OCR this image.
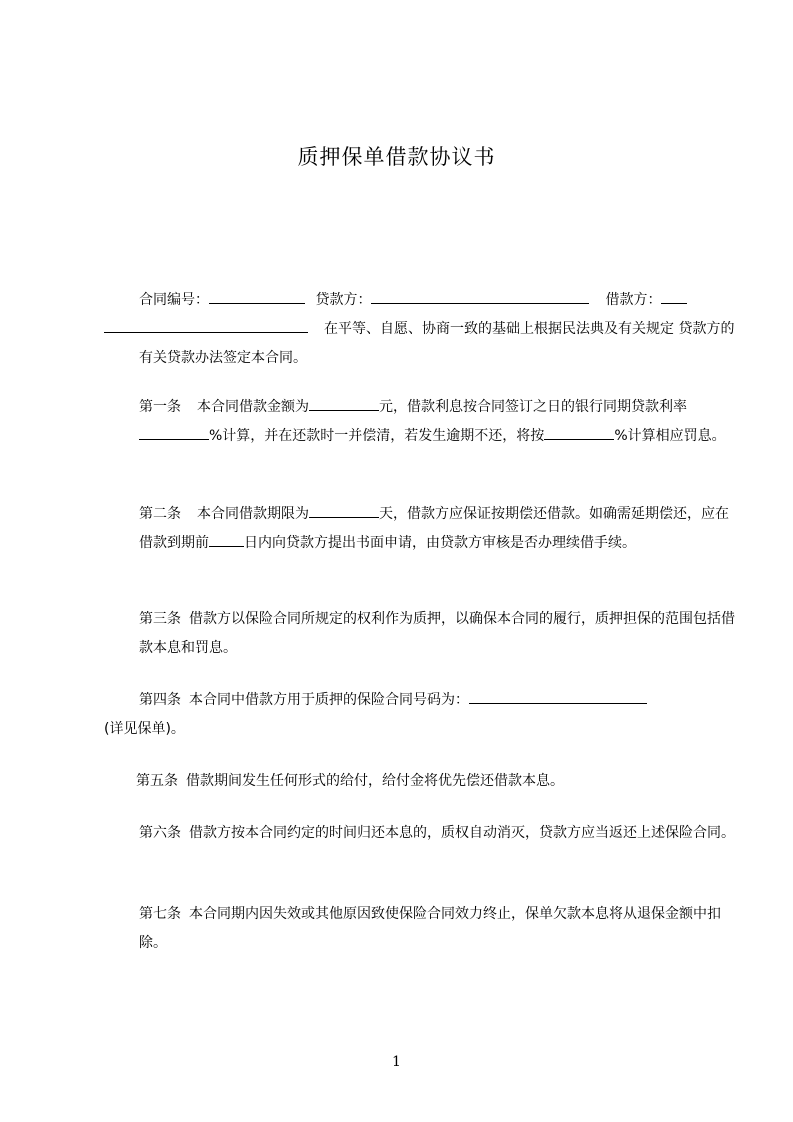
质押保单借款协议书
合同编号：	贷款方：	借款方：
在平等、自愿、协商一致的基础上根据民法典及有关规定 贷款方的有关贷款办法签定本合同。
第一条 本合同借款金额为	元，借款利息按合同签订之日的银行同期贷款利率%计算，并在还款时一并偿清，若发生逾期不还，将按	%计算相应罚息。
第二条 本合同借款期限为	天，借款方应保证按期偿还借款。如确需延期偿还，应在借款到期前	日内向贷款方提出书面申请，由贷款方审核是否办理续借手续。
第三条 借款方以保险合同所规定的权利作为质押，以确保本合同的履行，质押担保的范围包括借款本息和罚息。
第四条 本合同中借款方用于质押的保险合同号码为：
(详见保单)。
第五条 借款期间发生任何形式的给付，给付金将优先偿还借款本息。
第六条 借款方按本合同约定的时间归还本息的，质权自动消灭，贷款方应当返还上述保险合同。
第七条 本合同期内因失效或其他原因致使保险合同效力终止，保单欠款本息将从退保金额中扣除。
1
